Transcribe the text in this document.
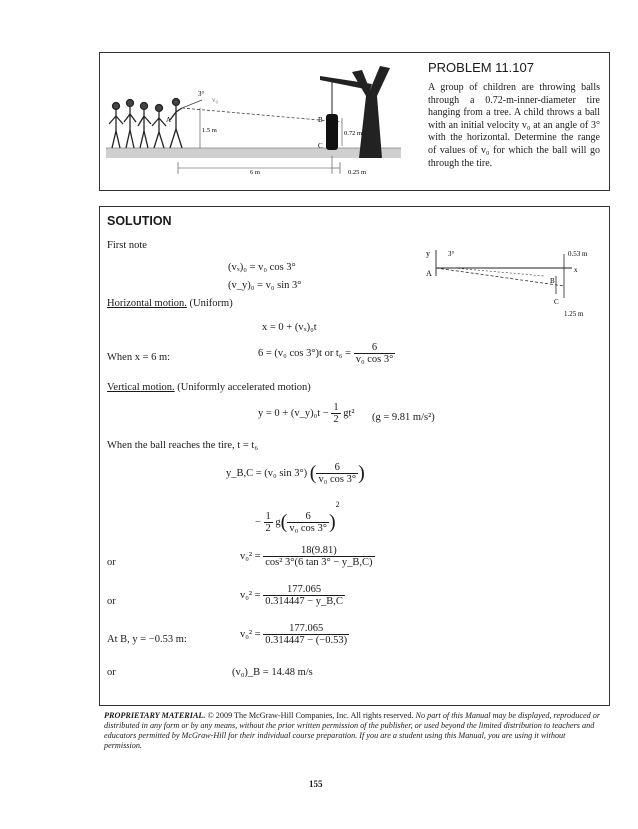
3°
v₀
A
1.5 m
B
C
0.72 m
6 m	0.25 m
PROBLEM 11.107
A group of children are throwing balls through a 0.72-m-inner-diameter tire hanging from a tree. A child throws a ball with an initial velocity v₀ at an angle of 3° with the horizontal. Determine the range of values of v₀ for which the ball will go through the tire.
SOLUTION
y	3°
A	x
B
C
0.53 m
1.25 m
First note
(vₓ)₀ = v₀ cos 3°
(v_y)₀ = v₀ sin 3°
Horizontal motion. (Uniform)
x = 0 + (vₓ)₀t
When x = 6 m:	6 = (v₀ cos 3°)t or $t_6 = \frac{6}{\text{v₀ cos 3°}}$
Vertical motion. (Uniformly accelerated motion)
y = 0 + (v_y)₀t − $\frac{1}{2} gt^2$ (g = 9.81 m/s²)
When the ball reaches the tire, t = t₆
y_B,C = (v₀ sin 3°) ( $\frac{6}{\text{v₀ cos 3°}}$ )
− $\frac{1}{2} g( \frac{6}{\text{v₀ cos 3°}} )^2$
or
$v_0^2 = \frac{18(9.81)}{\text{cos² 3°(6 tan 3° − y\_B,C)}}$
or
$v_0^2 = \frac{177.065}{0.314447 - y\_B,C}$
At B, y = −0.53 m:	$v_0^2 = \frac{177.065}{0.314447 - (-0.53)}$
or	(v₀)_B = 14.48 m/s
PROPRIETARY MATERIAL. © 2009 The McGraw-Hill Companies, Inc. All rights reserved. No part of this Manual may be displayed, reproduced or distributed in any form or by any means, without the prior written permission of the publisher, or used beyond the limited distribution to teachers and educators permitted by McGraw-Hill for their individual course preparation. If you are a student using this Manual, you are using it without permission.
155
